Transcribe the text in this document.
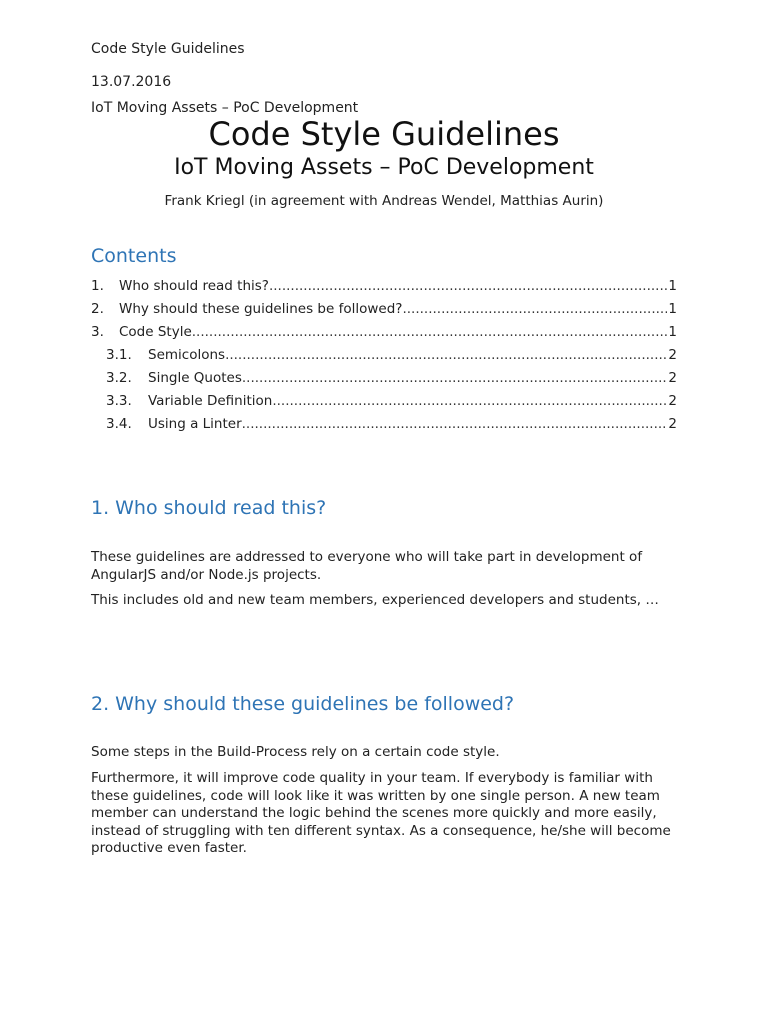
Code Style Guidelines
13.07.2016
IoT Moving Assets – PoC Development
Code Style Guidelines
IoT Moving Assets – PoC Development
Frank Kriegl (in agreement with Andreas Wendel, Matthias Aurin)
Contents
1.	Who should read this? .....	1
2.	Why should these guidelines be followed? .....	1
3.	Code Style .....	1
3.1.	Semicolons .....	2
3.2.	Single Quotes .....	2
3.3.	Variable Definition .....	2
3.4.	Using a Linter .....	2
1. Who should read this?
These guidelines are addressed to everyone who will take part in development of AngularJS and/or Node.js projects.
This includes old and new team members, experienced developers and students, …
2. Why should these guidelines be followed?
Some steps in the Build-Process rely on a certain code style.
Furthermore, it will improve code quality in your team. If everybody is familiar with these guidelines, code will look like it was written by one single person. A new team member can understand the logic behind the scenes more quickly and more easily, instead of struggling with ten different syntax. As a consequence, he/she will become productive even faster.
